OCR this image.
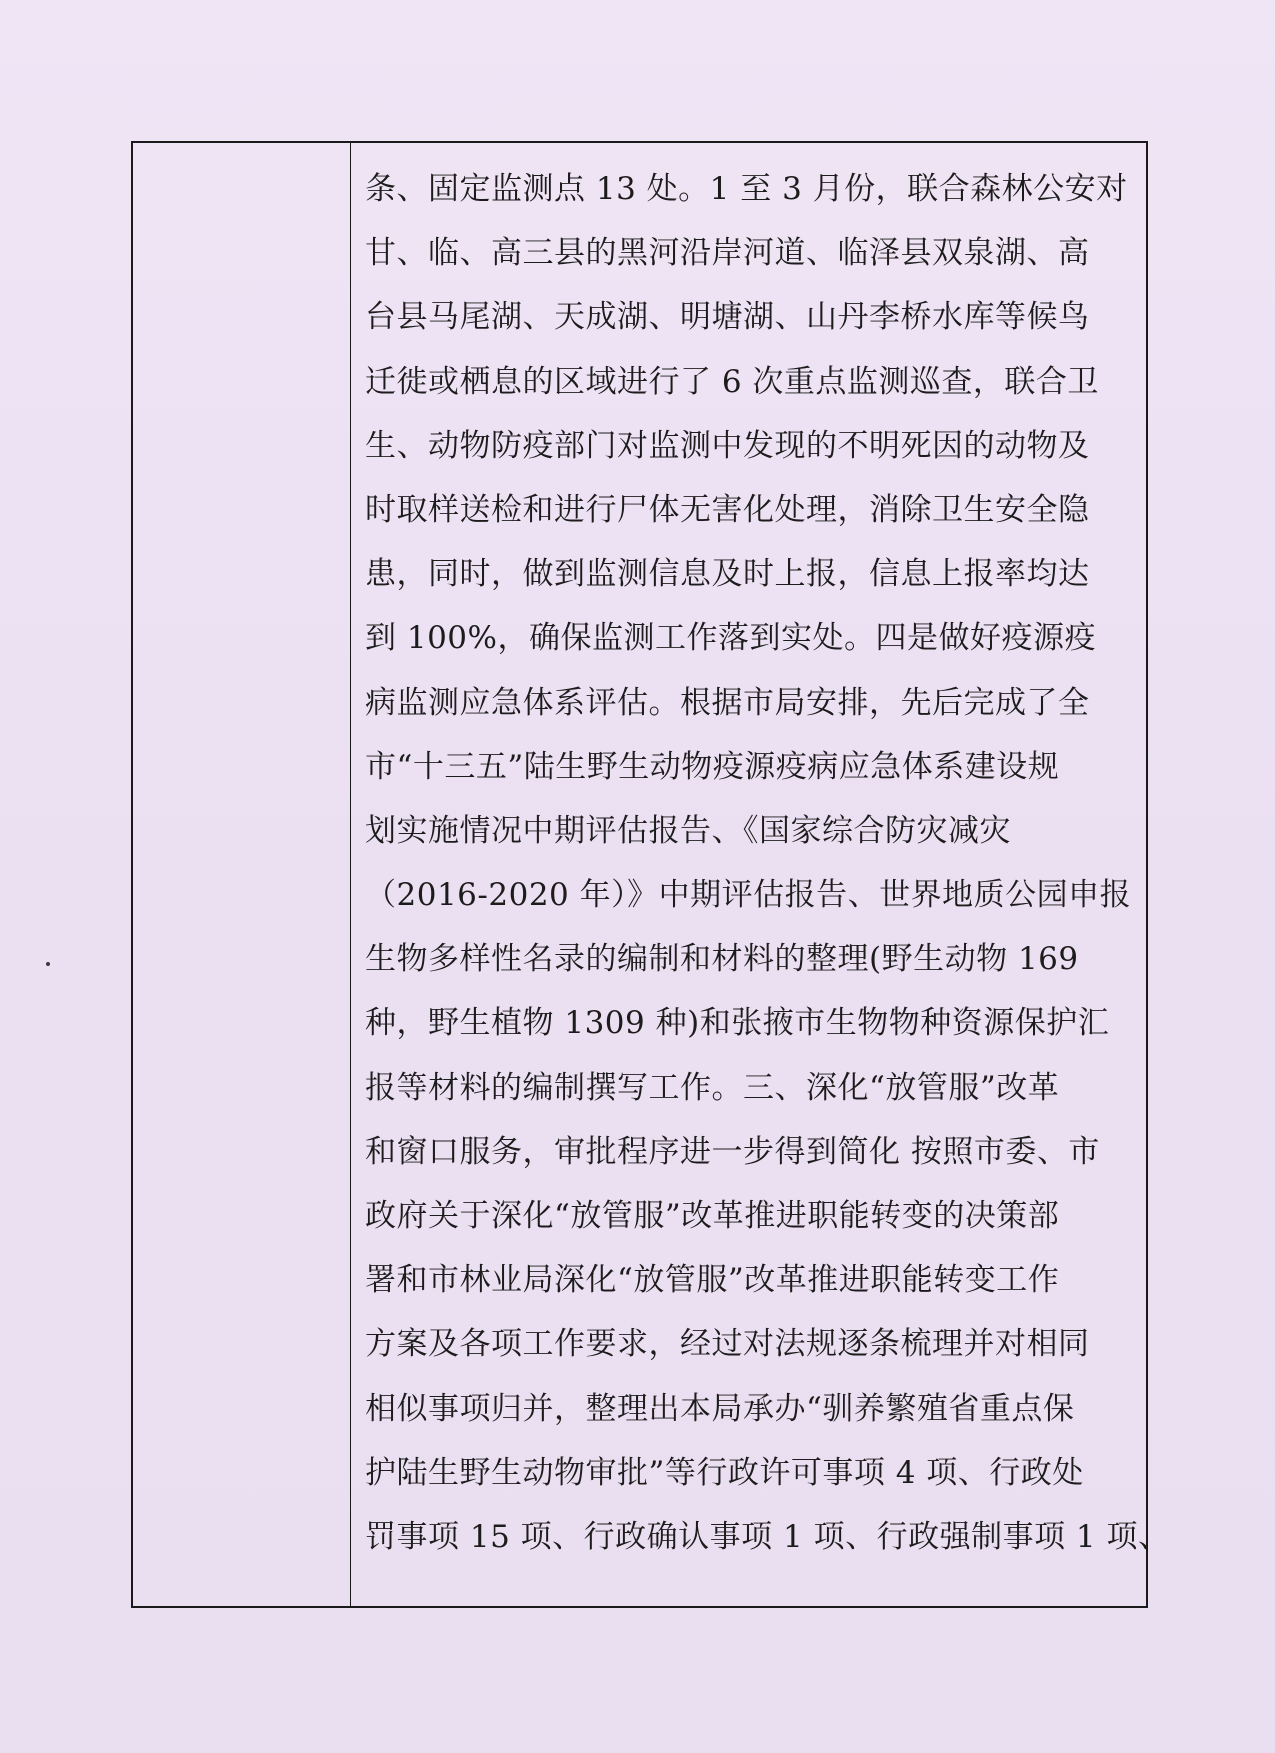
条、固定监测点 13 处。1 至 3 月份，联合森林公安对
甘、临、高三县的黑河沿岸河道、临泽县双泉湖、高
台县马尾湖、天成湖、明塘湖、山丹李桥水库等候鸟
迁徙或栖息的区域进行了 6 次重点监测巡查，联合卫
生、动物防疫部门对监测中发现的不明死因的动物及
时取样送检和进行尸体无害化处理，消除卫生安全隐
患，同时，做到监测信息及时上报，信息上报率均达
到 100%，确保监测工作落到实处。四是做好疫源疫
病监测应急体系评估。根据市局安排，先后完成了全
市“十三五”陆生野生动物疫源疫病应急体系建设规
划实施情况中期评估报告、《国家综合防灾减灾
（2016-2020 年）》中期评估报告、世界地质公园申报
生物多样性名录的编制和材料的整理(野生动物 169
种，野生植物 1309 种)和张掖市生物物种资源保护汇
报等材料的编制撰写工作。三、深化“放管服”改革
和窗口服务，审批程序进一步得到简化 按照市委、市
政府关于深化“放管服”改革推进职能转变的决策部
署和市林业局深化“放管服”改革推进职能转变工作
方案及各项工作要求，经过对法规逐条梳理并对相同
相似事项归并，整理出本局承办“驯养繁殖省重点保
护陆生野生动物审批”等行政许可事项 4 项、行政处
罚事项 15 项、行政确认事项 1 项、行政强制事项 1 项、
